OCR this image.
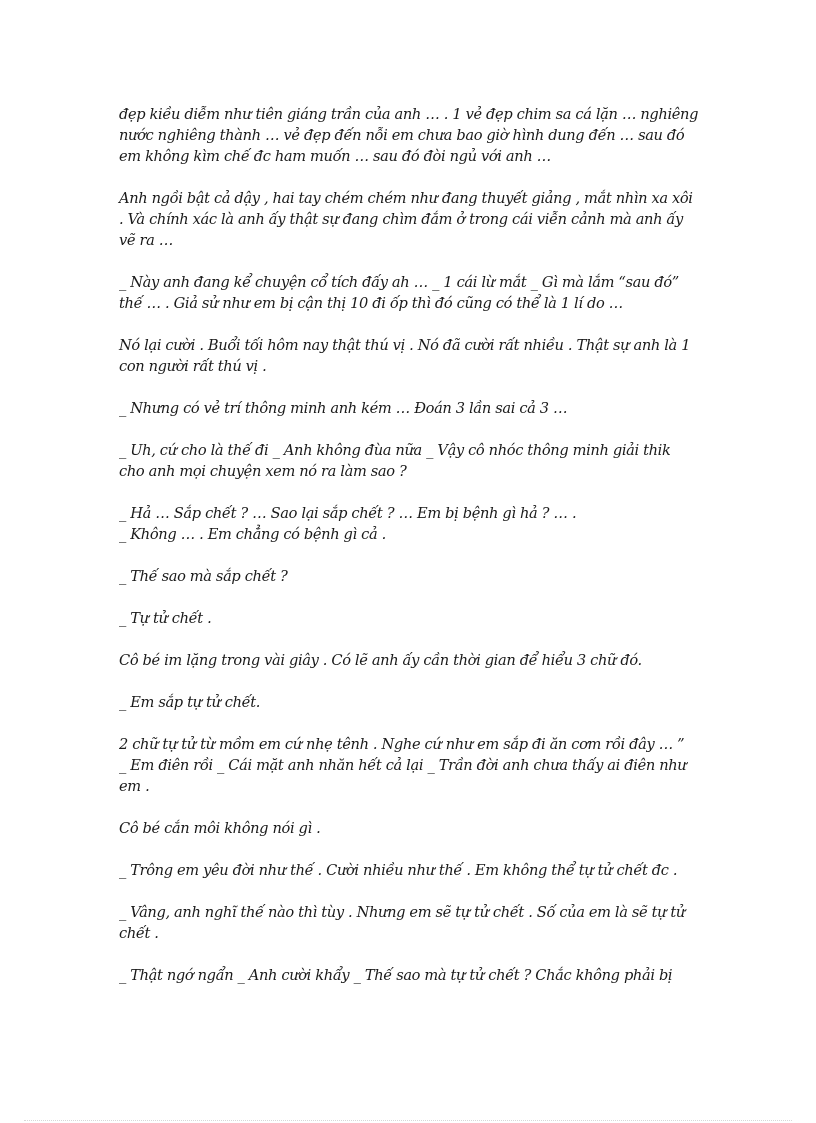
đẹp kiều diễm như tiên giáng trần của anh … . 1 vẻ đẹp chim sa cá lặn … nghiêng nước nghiêng thành … vẻ đẹp đến nỗi em chưa bao giờ hình dung đến … sau đó em không kìm chế đc ham muốn … sau đó đòi ngủ với anh …

Anh ngồi bật cả dậy , hai tay chém chém như đang thuyết giảng , mắt nhìn xa xôi . Và chính xác là anh ấy thật sự đang chìm đắm ở trong cái viễn cảnh mà anh ấy vẽ ra …

_ Này anh đang kể chuyện cổ tích đấy ah … _ 1 cái lừ mắt _ Gì mà lắm “sau đó” thế … . Giả sử như em bị cận thị 10 đi ốp thì đó cũng có thể là 1 lí do …

Nó lại cười . Buổi tối hôm nay thật thú vị . Nó đã cười rất nhiều . Thật sự anh là 1 con người rất thú vị .

_ Nhưng có vẻ trí thông minh anh kém … Đoán 3 lần sai cả 3 …

_ Uh, cứ cho là thế đi _ Anh không đùa nữa _ Vậy cô nhóc thông minh giải thik cho anh mọi chuyện xem nó ra làm sao ?

_ Hả … Sắp chết ? … Sao lại sắp chết ? … Em bị bệnh gì hả ? … .

_ Không … . Em chẳng có bệnh gì cả .

_ Thế sao mà sắp chết ?

_ Tự tử chết .

Cô bé im lặng trong vài giây . Có lẽ anh ấy cần thời gian để hiểu 3 chữ đó.

_ Em sắp tự tử chết.

2 chữ tự tử từ mồm em cứ nhẹ tênh . Nghe cứ như em sắp đi ăn cơm rồi đây … ”

_ Em điên rồi _ Cái mặt anh nhăn hết cả lại _ Trần đời anh chưa thấy ai điên như em .

Cô bé cắn môi không nói gì .

_ Trông em yêu đời như thế . Cười nhiều như thế . Em không thể tự tử chết đc .

_ Vâng, anh nghĩ thế nào thì tùy . Nhưng em sẽ tự tử chết . Số của em là sẽ tự tử chết .

_ Thật ngớ ngẩn _ Anh cười khẩy _ Thế sao mà tự tử chết ? Chắc không phải bị
